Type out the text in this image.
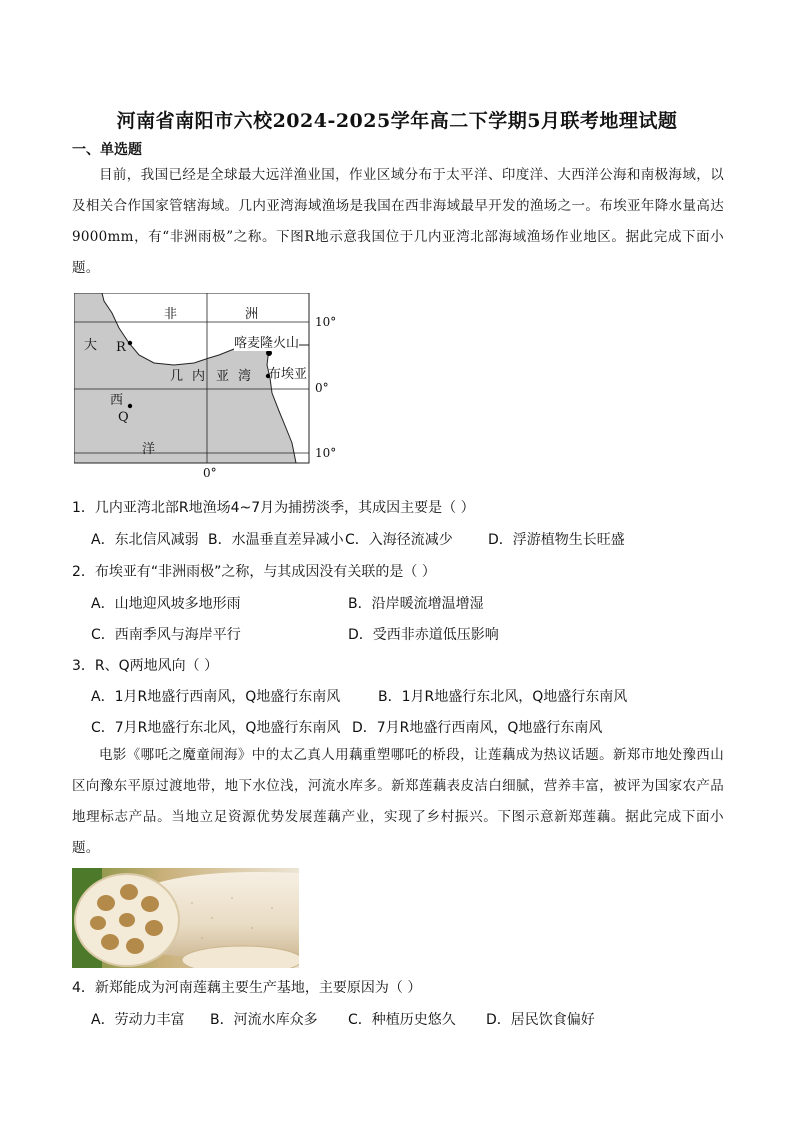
河南省南阳市六校2024-2025学年高二下学期5月联考地理试题
一、单选题

目前，我国已经是全球最大远洋渔业国，作业区域分布于太平洋、印度洋、大西洋公海和南极海域，以及相关合作国家管辖海域。几内亚湾海域渔场是我国在西非海域最早开发的渔场之一。布埃亚年降水量高达9000mm，有“非洲雨极”之称。下图R地示意我国位于几内亚湾北部海域渔场作业地区。据此完成下面小题。

非	洲
大 R	喀麦隆火山
几 内 亚 湾 布埃亚
西
Q
洋
10°
0°
10°
0°
1．几内亚湾北部R地渔场4~7月为捕捞淡季，其成因主要是（ ）
A．东北信风减弱 B．水温垂直差异减小 C．入海径流减少	D．浮游植物生长旺盛
2．布埃亚有“非洲雨极”之称，与其成因没有关联的是（ ）
A．山地迎风坡多地形雨	B．沿岸暖流增温增湿
C．西南季风与海岸平行	D．受西非赤道低压影响
3．R、Q两地风向（ ）
A．1月R地盛行西南风，Q地盛行东南风	B．1月R地盛行东北风，Q地盛行东南风
C．7月R地盛行东北风，Q地盛行东南风 D．7月R地盛行西南风，Q地盛行东南风

电影《哪吒之魔童闹海》中的太乙真人用藕重塑哪吒的桥段，让莲藕成为热议话题。新郑市地处豫西山区向豫东平原过渡地带，地下水位浅，河流水库多。新郑莲藕表皮洁白细腻，营养丰富，被评为国家农产品地理标志产品。当地立足资源优势发展莲藕产业，实现了乡村振兴。下图示意新郑莲藕。据此完成下面小题。

4．新郑能成为河南莲藕主要生产基地，主要原因为（ ）
A．劳动力丰富 B．河流水库众多 C．种植历史悠久 D．居民饮食偏好
